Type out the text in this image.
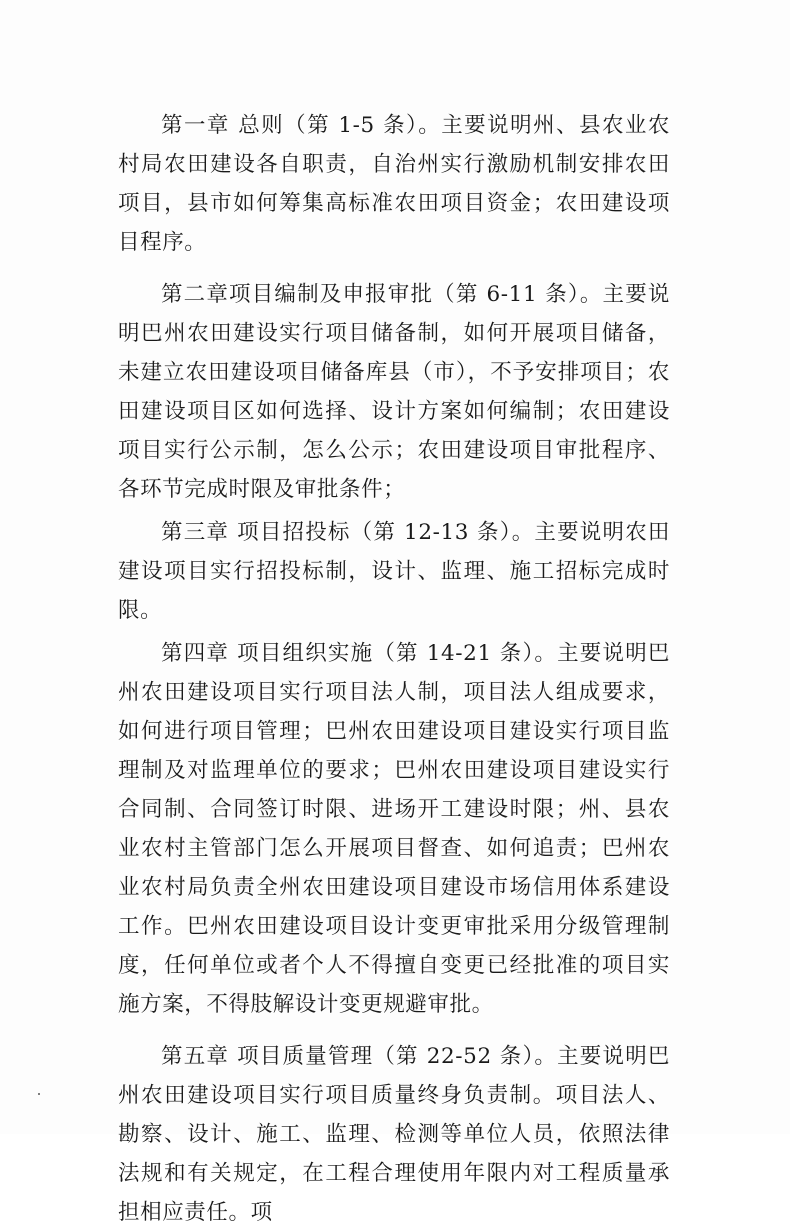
第一章 总则（第 1-5 条）。主要说明州、县农业农村局农田建设各自职责，自治州实行激励机制安排农田项目，县市如何筹集高标准农田项目资金；农田建设项目程序。

第二章项目编制及申报审批（第 6-11 条）。主要说明巴州农田建设实行项目储备制，如何开展项目储备，未建立农田建设项目储备库县（市），不予安排项目；农田建设项目区如何选择、设计方案如何编制；农田建设项目实行公示制，怎么公示；农田建设项目审批程序、各环节完成时限及审批条件；

第三章 项目招投标（第 12-13 条）。主要说明农田建设项目实行招投标制，设计、监理、施工招标完成时限。

第四章 项目组织实施（第 14-21 条）。主要说明巴州农田建设项目实行项目法人制，项目法人组成要求，如何进行项目管理；巴州农田建设项目建设实行项目监理制及对监理单位的要求；巴州农田建设项目建设实行合同制、合同签订时限、进场开工建设时限；州、县农业农村主管部门怎么开展项目督查、如何追责；巴州农业农村局负责全州农田建设项目建设市场信用体系建设工作。巴州农田建设项目设计变更审批采用分级管理制度，任何单位或者个人不得擅自变更已经批准的项目实施方案，不得肢解设计变更规避审批。

第五章 项目质量管理（第 22-52 条）。主要说明巴州农田建设项目实行项目质量终身负责制。项目法人、勘察、设计、施工、监理、检测等单位人员，依照法律法规和有关规定，在工程合理使用年限内对工程质量承担相应责任。项
